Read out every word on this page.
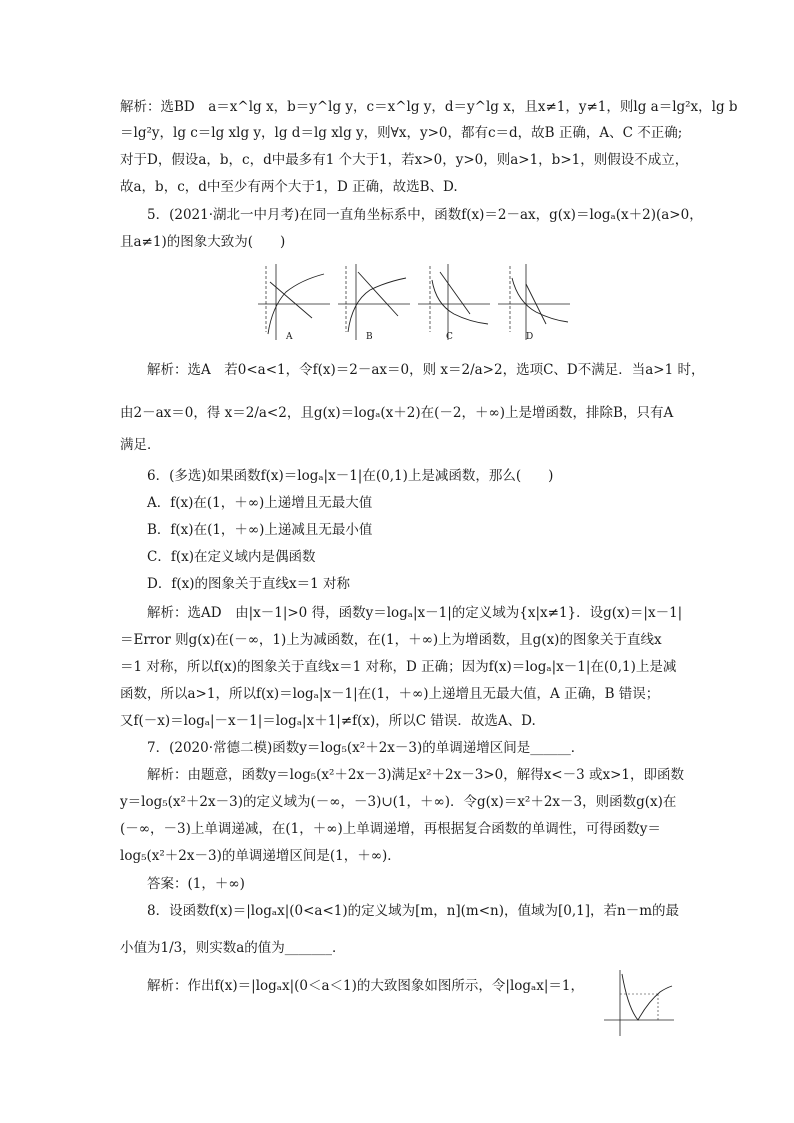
解析：选BD　a＝x^lg x，b＝y^lg y，c＝x^lg y，d＝y^lg x，且x≠1，y≠1，则lg a＝lg²x，lg b
＝lg²y，lg c＝lg xlg y，lg d＝lg xlg y，则∀x，y>0，都有c＝d，故B 正确，A、C 不正确;
对于D，假设a，b，c，d中最多有1 个大于1，若x>0，y>0，则a>1，b>1，则假设不成立，
故a，b，c，d中至少有两个大于1，D 正确，故选B、D.
5．(2021·湖北一中月考)在同一直角坐标系中，函数f(x)＝2－ax，g(x)＝logₐ(x＋2)(a>0，
且a≠1)的图象大致为(　　)
A	B	C	D
解析：选A　若0<a<1，令f(x)＝2－ax＝0，则 x＝2/a>2，选项C、D不满足．当a>1 时，
由2－ax＝0，得 x＝2/a<2，且g(x)＝logₐ(x＋2)在(－2，＋∞)上是增函数，排除B，只有A
满足．
6．(多选)如果函数f(x)＝logₐ|x－1|在(0,1)上是减函数，那么(　　)
A．f(x)在(1，＋∞)上递增且无最大值
B．f(x)在(1，＋∞)上递减且无最小值
C．f(x)在定义域内是偶函数
D．f(x)的图象关于直线x＝1 对称
解析：选AD　由|x－1|>0 得，函数y＝logₐ|x－1|的定义域为{x|x≠1}．设g(x)＝|x－1|
＝Error 则g(x)在(－∞，1)上为减函数，在(1，＋∞)上为增函数，且g(x)的图象关于直线x
＝1 对称，所以f(x)的图象关于直线x＝1 对称，D 正确；因为f(x)＝logₐ|x－1|在(0,1)上是减
函数，所以a>1，所以f(x)＝logₐ|x－1|在(1，＋∞)上递增且无最大值，A 正确，B 错误；
又f(－x)＝logₐ|－x－1|＝logₐ|x＋1|≠f(x)，所以C 错误．故选A、D.
7．(2020·常德二模)函数y＝log₅(x²＋2x－3)的单调递增区间是______．
解析：由题意，函数y＝log₅(x²＋2x－3)满足x²＋2x－3>0，解得x<－3 或x>1，即函数
y＝log₅(x²＋2x－3)的定义域为(－∞，－3)∪(1，＋∞)．令g(x)＝x²＋2x－3，则函数g(x)在
(－∞，－3)上单调递减，在(1，＋∞)上单调递增，再根据复合函数的单调性，可得函数y＝
log₅(x²＋2x－3)的单调递增区间是(1，＋∞)．
答案：(1，＋∞)
8．设函数f(x)＝|logₐx|(0<a<1)的定义域为[m，n](m<n)，值域为[0,1]，若n－m的最
小值为1/3，则实数a的值为_______．
解析：作出f(x)＝|logₐx|(0＜a＜1)的大致图象如图所示，令|logₐx|＝1，
